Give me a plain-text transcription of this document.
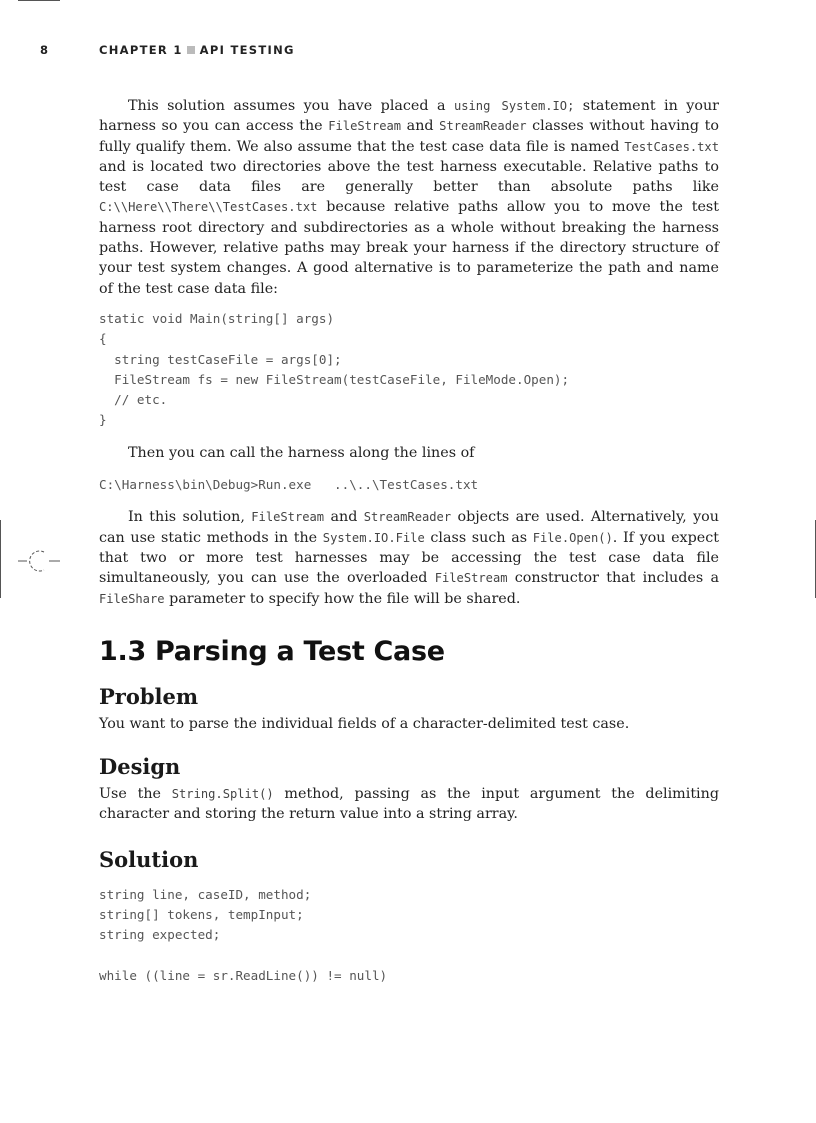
8	CHAPTER 1 API TESTING

This solution assumes you have placed a using System.IO; statement in your harness so you can access the FileStream and StreamReader classes without having to fully qualify them. We also assume that the test case data file is named TestCases.txt and is located two directories above the test harness executable. Relative paths to test case data files are generally better than absolute paths like C:\\Here\\There\\TestCases.txt because relative paths allow you to move the test harness root directory and subdirectories as a whole without breaking the harness paths. However, relative paths may break your harness if the directory structure of your test system changes. A good alternative is to parameterize the path and name of the test case data file:

static void Main(string[] args)
{
string testCaseFile = args[0];
FileStream fs = new FileStream(testCaseFile, FileMode.Open);
// etc.
}

Then you can call the harness along the lines of

C:\Harness\bin\Debug>Run.exe   ..\..\TestCases.txt

In this solution, FileStream and StreamReader objects are used. Alternatively, you can use static methods in the System.IO.File class such as File.Open(). If you expect that two or more test harnesses may be accessing the test case data file simultaneously, you can use the overloaded FileStream constructor that includes a FileShare parameter to specify how the file will be shared.

1.3 Parsing a Test Case
Problem

You want to parse the individual fields of a character-delimited test case.

Design

Use the String.Split() method, passing as the input argument the delimiting character and storing the return value into a string array.

Solution
string line, caseID, method;
string[] tokens, tempInput;
string expected;
while ((line = sr.ReadLine()) != null)
